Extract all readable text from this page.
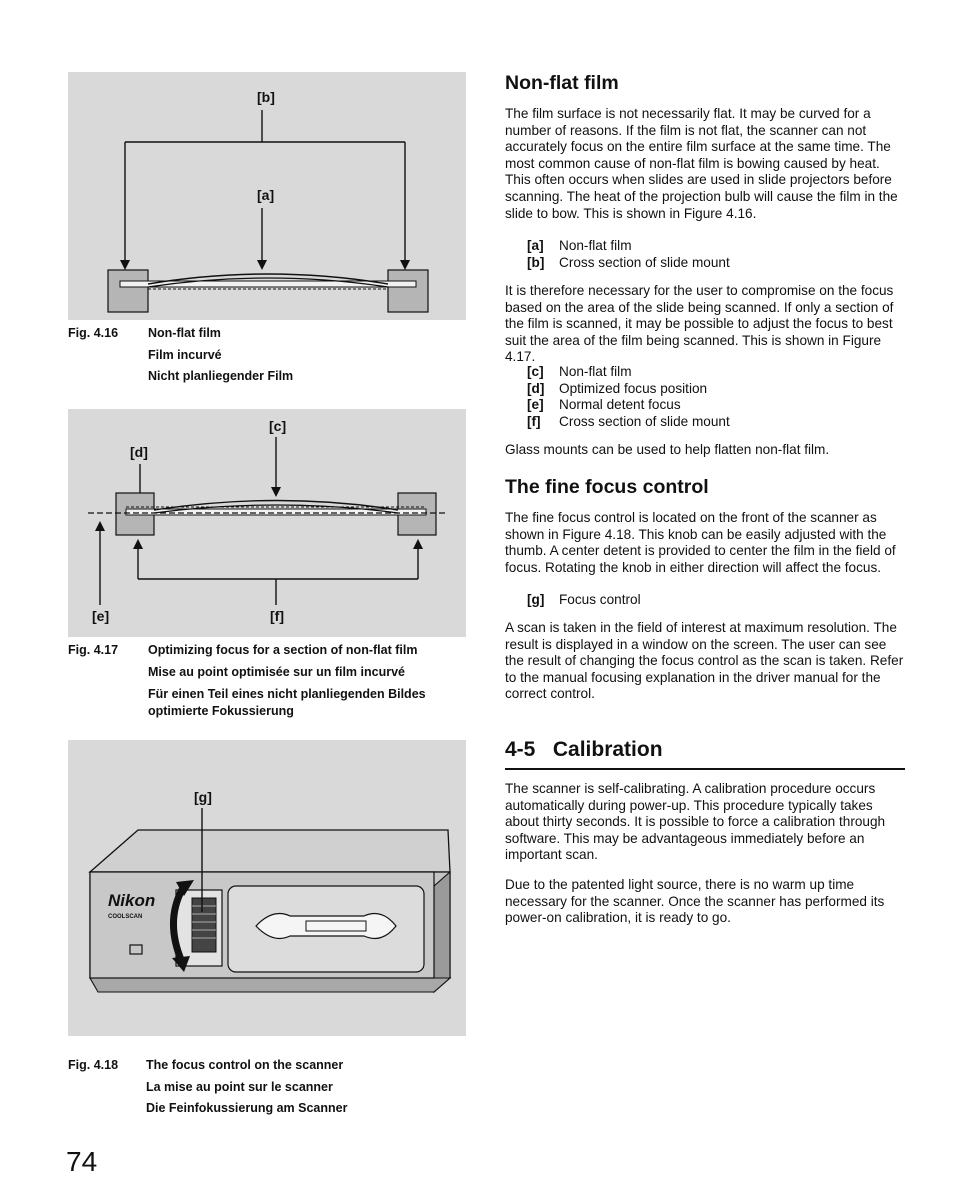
[b]
[a]
Fig. 4.16	Non-flat film
Film incurvé
Nicht planliegender Film
[c]
[d]
[e]	[f]
Fig. 4.17	Optimizing focus for a section of non-flat film
Mise au point optimisée sur un film incurvé
Für einen Teil eines nicht planliegenden Bildes optimierte Fokussierung
[g]
Nikon
COOLSCAN
Fig. 4.18	The focus control on the scanner
La mise au point sur le scanner
Die Feinfokussierung am Scanner
74
Non-flat film

The film surface is not necessarily flat. It may be curved for a number of reasons. If the film is not flat, the scanner can not accurately focus on the entire film surface at the same time. The most common cause of non-flat film is bowing caused by heat. This often occurs when slides are used in slide projectors before scanning. The heat of the projection bulb will cause the film in the slide to bow. This is shown in Figure 4.16.

[a]	Non-flat film
[b]	Cross section of slide mount

It is therefore necessary for the user to compromise on the focus based on the area of the slide being scanned. If only a section of the film is scanned, it may be possible to adjust the focus to best suit the area of the film being scanned. This is shown in Figure 4.17.

[c]	Non-flat film
[d]	Optimized focus position
[e]	Normal detent focus
[f]	Cross section of slide mount

Glass mounts can be used to help flatten non-flat film.

The fine focus control

The fine focus control is located on the front of the scanner as shown in Figure 4.18. This knob can be easily adjusted with the thumb. A center detent is provided to center the film in the field of focus. Rotating the knob in either direction will affect the focus.

[g]	Focus control

A scan is taken in the field of interest at maximum resolution. The result is displayed in a window on the screen. The user can see the result of changing the focus control as the scan is taken. Refer to the manual focusing explanation in the driver manual for the correct control.

4-5   Calibration

The scanner is self-calibrating. A calibration procedure occurs automatically during power-up. This procedure typically takes about thirty seconds. It is possible to force a calibration through software. This may be advantageous immediately before an important scan.

Due to the patented light source, there is no warm up time necessary for the scanner. Once the scanner has performed its power-on calibration, it is ready to go.
